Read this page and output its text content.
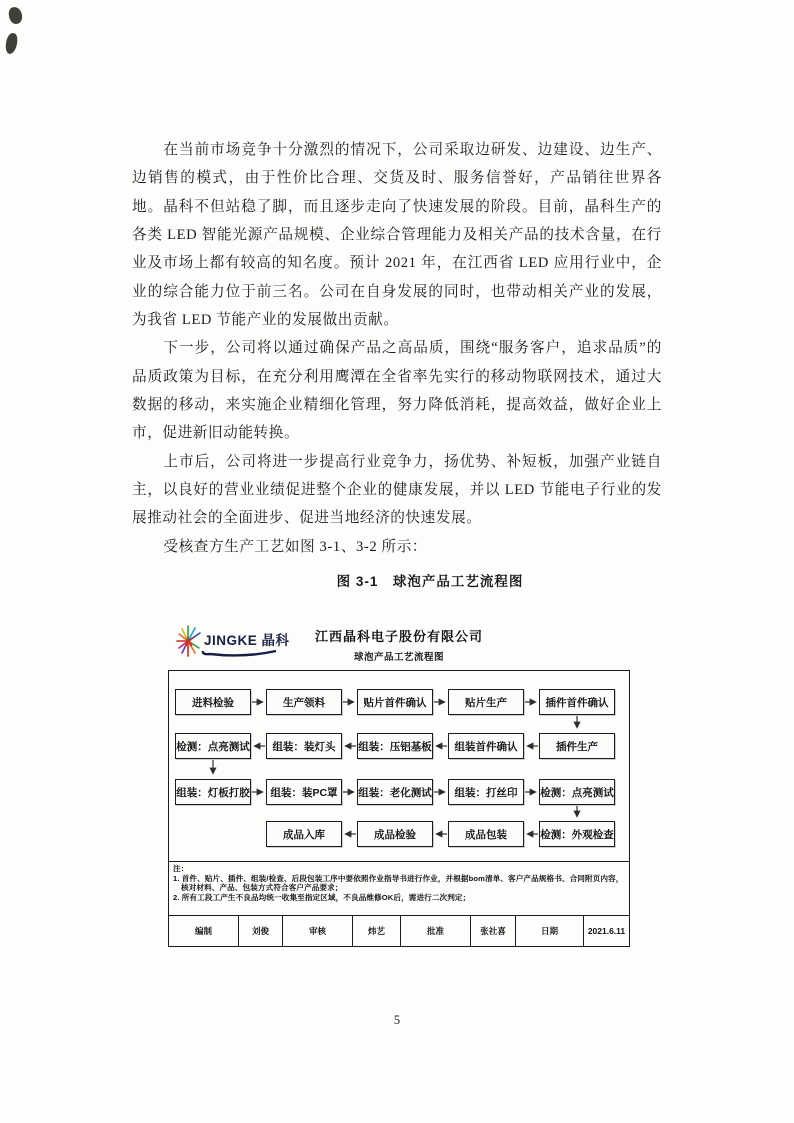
在当前市场竞争十分激烈的情况下，公司采取边研发、边建设、边生产、边销售的模式，由于性价比合理、交货及时、服务信誉好，产品销往世界各地。晶科不但站稳了脚，而且逐步走向了快速发展的阶段。目前，晶科生产的各类 LED 智能光源产品规模、企业综合管理能力及相关产品的技术含量，在行业及市场上都有较高的知名度。预计 2021 年，在江西省 LED 应用行业中，企业的综合能力位于前三名。公司在自身发展的同时，也带动相关产业的发展，为我省 LED 节能产业的发展做出贡献。

下一步，公司将以通过确保产品之高品质，围绕“服务客户，追求品质”的品质政策为目标，在充分利用鹰潭在全省率先实行的移动物联网技术，通过大数据的移动，来实施企业精细化管理，努力降低消耗，提高效益，做好企业上市，促进新旧动能转换。

上市后，公司将进一步提高行业竞争力，扬优势、补短板，加强产业链自主，以良好的营业业绩促进整个企业的健康发展，并以 LED 节能电子行业的发展推动社会的全面进步、促进当地经济的快速发展。

受核查方生产工艺如图 3-1、3-2 所示：

图 3-1　球泡产品工艺流程图
K JINGKE 晶科	江西晶科电子股份有限公司
球泡产品工艺流程图
进料检验	生产领料	贴片首件确认	贴片生产	插件首件确认
检测：点亮测试	组装：装灯头	组装：压铝基板	组装首件确认	插件生产
组装：灯板打胶	组装：装PC罩	组装：老化测试	组装：打丝印	检测：点亮测试
成品入库	成品检验	成品包装	检测：外观检查
注：
1. 首件、贴片、插件、组装/检查、后段包装工序中要依照作业指导书进行作业，并根据bom清单、客户产品规格书、合同附页内容，核对材料、产品、包装方式符合客户产品要求；
2. 所有工段工产生不良品均统一收集至指定区域，不良品维修OK后，需进行二次判定；
编制	刘俊	审核	炜艺	批准	张社喜	日期	2021.6.11
5
